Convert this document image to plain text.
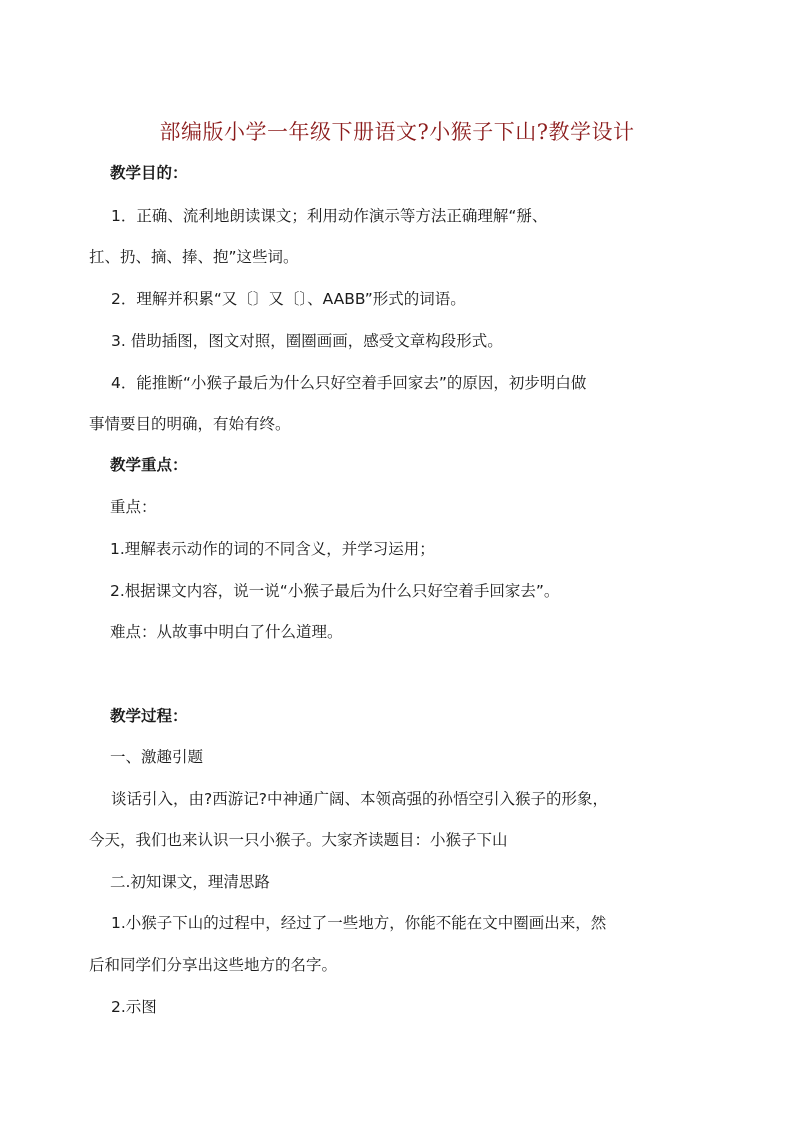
部编版小学一年级下册语文?小猴子下山?教学设计
教学目的：
1．正确、流利地朗读课文；利用动作演示等方法正确理解“掰、
扛、扔、摘、捧、抱”这些词。
2．理解并积累“又〔〕又〔〕、AABB”形式的词语。
3. 借助插图，图文对照，圈圈画画，感受文章构段形式。
4．能推断“小猴子最后为什么只好空着手回家去”的原因，初步明白做
事情要目的明确，有始有终。
教学重点：
重点：
1.理解表示动作的词的不同含义，并学习运用；
2.根据课文内容，说一说“小猴子最后为什么只好空着手回家去”。
难点：从故事中明白了什么道理。
教学过程：
一、激趣引题
谈话引入，由?西游记?中神通广阔、本领高强的孙悟空引入猴子的形象，
今天，我们也来认识一只小猴子。大家齐读题目：小猴子下山
二.初知课文，理清思路
1.小猴子下山的过程中，经过了一些地方，你能不能在文中圈画出来，然
后和同学们分享出这些地方的名字。
2.示图
